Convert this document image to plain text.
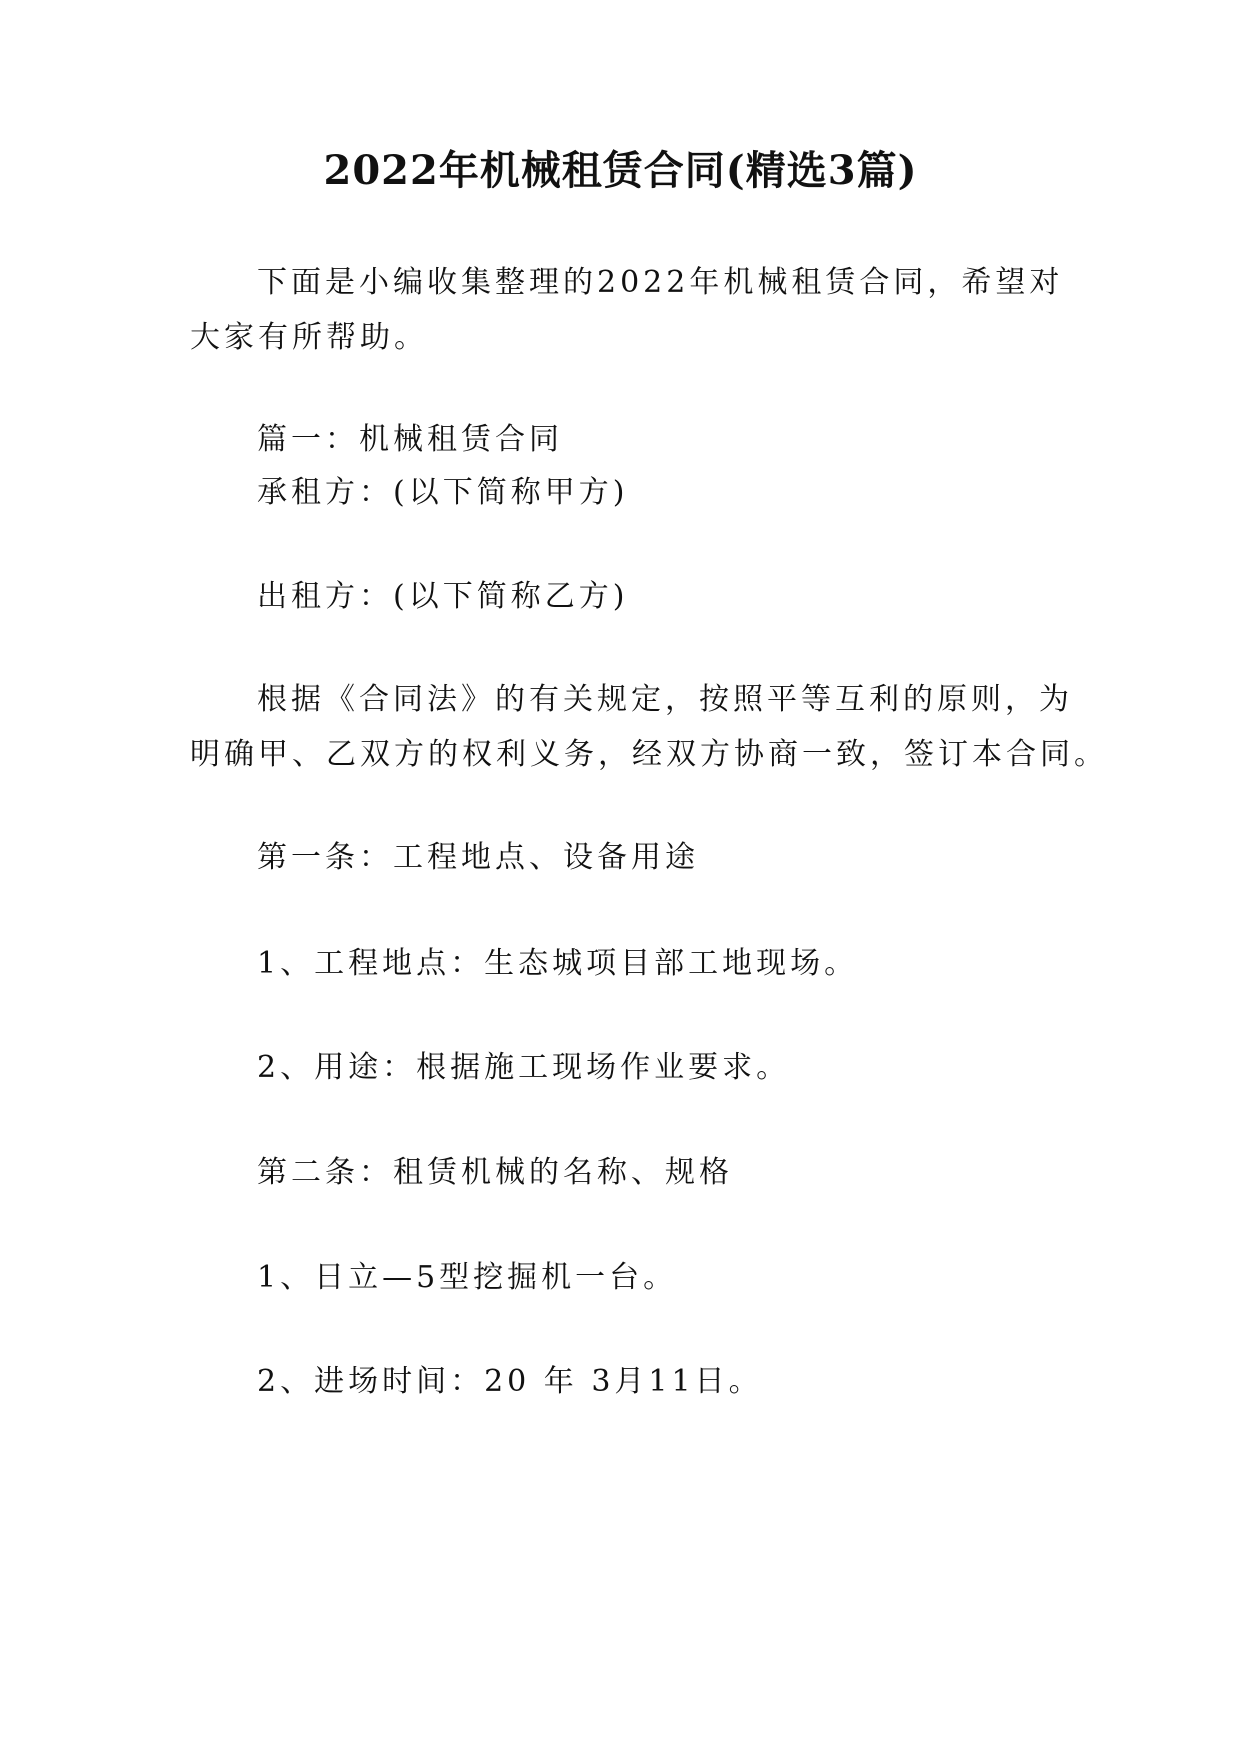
2022年机械租赁合同(精选3篇)
下面是小编收集整理的2022年机械租赁合同，希望对
大家有所帮助。
篇一：机械租赁合同
承租方：(以下简称甲方)
出租方：(以下简称乙方)
根据《合同法》的有关规定，按照平等互利的原则，为
明确甲、乙双方的权利义务，经双方协商一致，签订本合同。
第一条：工程地点、设备用途
1、工程地点：生态城项目部工地现场。
2、用途：根据施工现场作业要求。
第二条：租赁机械的名称、规格
1、日立—5型挖掘机一台。
2、进场时间：20 年 3月11日。
